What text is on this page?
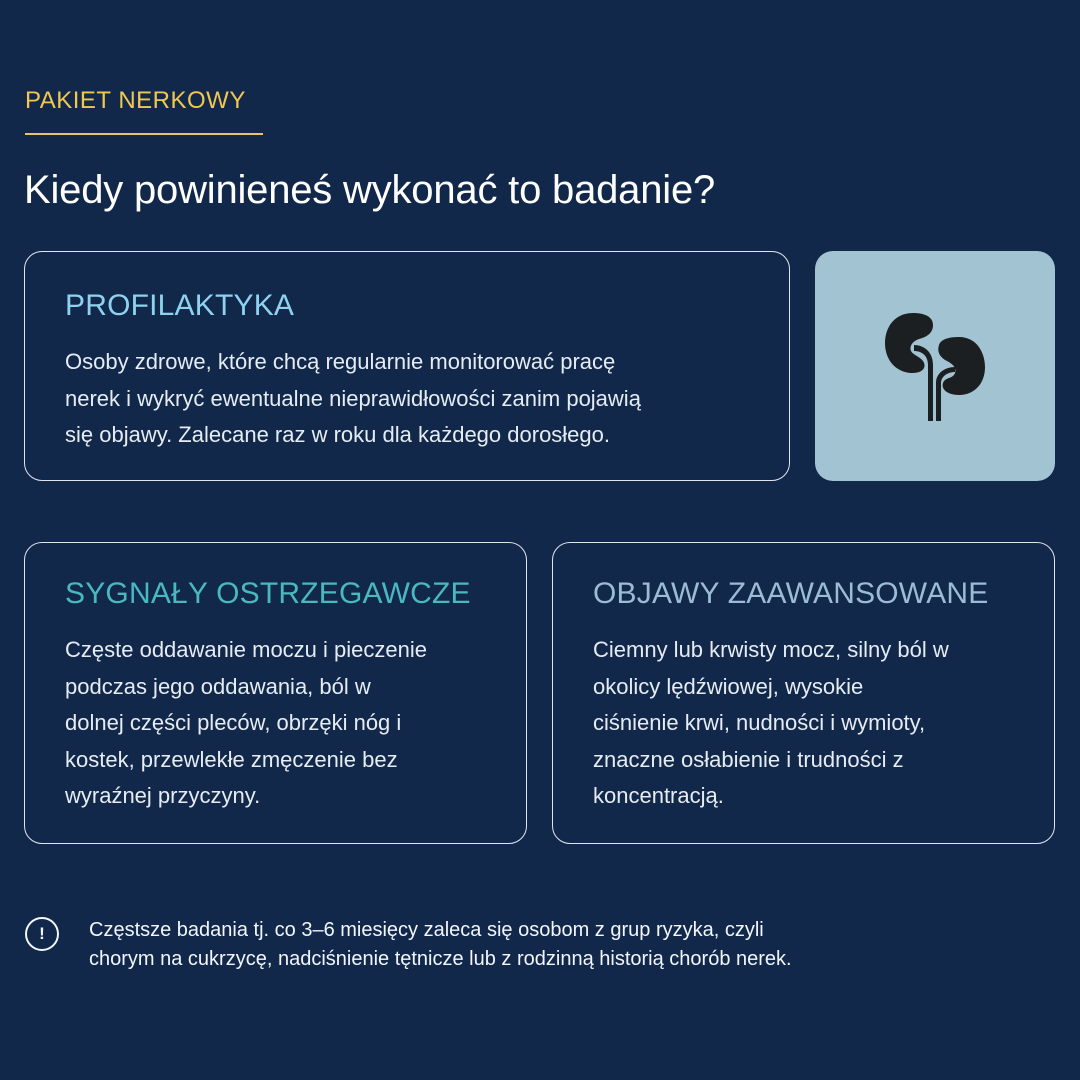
PAKIET NERKOWY
Kiedy powinieneś wykonać to badanie?
PROFILAKTYKA

Osoby zdrowe, które chcą regularnie monitorować pracę
nerek i wykryć ewentualne nieprawidłowości zanim pojawią
się objawy. Zalecane raz w roku dla każdego dorosłego.

SYGNAŁY OSTRZEGAWCZE

Częste oddawanie moczu i pieczenie
podczas jego oddawania, ból w
dolnej części pleców, obrzęki nóg i
kostek, przewlekłe zmęczenie bez
wyraźnej przyczyny.

OBJAWY ZAAWANSOWANE

Ciemny lub krwisty mocz, silny ból w
okolicy lędźwiowej, wysokie
ciśnienie krwi, nudności i wymioty,
znaczne osłabienie i trudności z
koncentracją.

!	Częstsze badania tj. co 3–6 miesięcy zaleca się osobom z grup ryzyka, czyli
chorym na cukrzycę, nadciśnienie tętnicze lub z rodzinną historią chorób nerek.
